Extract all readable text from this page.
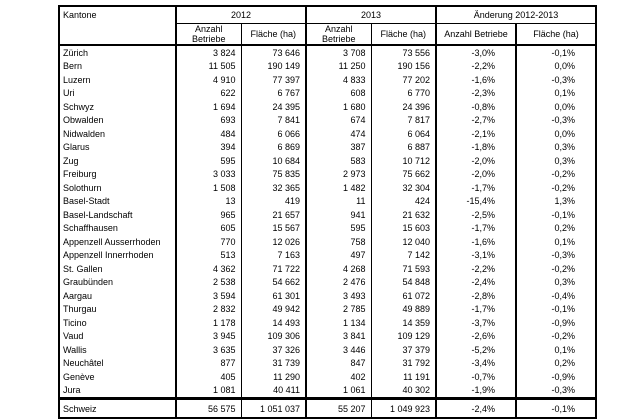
Kantone	2012		2013		Änderung 2012-2013	
	Anzahl Betriebe	Fläche (ha)	Anzahl Betriebe	Fläche (ha)	Anzahl Betriebe	Fläche (ha)
Zürich	3 824	73 646	3 708	73 556	-3,0%	-0,1%
Bern	11 505	190 149	11 250	190 156	-2,2%	0,0%
Luzern	4 910	77 397	4 833	77 202	-1,6%	-0,3%
Uri	622	6 767	608	6 770	-2,3%	0,1%
Schwyz	1 694	24 395	1 680	24 396	-0,8%	0,0%
Obwalden	693	7 841	674	7 817	-2,7%	-0,3%
Nidwalden	484	6 066	474	6 064	-2,1%	0,0%
Glarus	394	6 869	387	6 887	-1,8%	0,3%
Zug	595	10 684	583	10 712	-2,0%	0,3%
Freiburg	3 033	75 835	2 973	75 662	-2,0%	-0,2%
Solothurn	1 508	32 365	1 482	32 304	-1,7%	-0,2%
Basel-Stadt	13	419	11	424	-15,4%	1,3%
Basel-Landschaft	965	21 657	941	21 632	-2,5%	-0,1%
Schaffhausen	605	15 567	595	15 603	-1,7%	0,2%
Appenzell Ausserrhoden	770	12 026	758	12 040	-1,6%	0,1%
Appenzell Innerrhoden	513	7 163	497	7 142	-3,1%	-0,3%
St. Gallen	4 362	71 722	4 268	71 593	-2,2%	-0,2%
Graubünden	2 538	54 662	2 476	54 848	-2,4%	0,3%
Aargau	3 594	61 301	3 493	61 072	-2,8%	-0,4%
Thurgau	2 832	49 942	2 785	49 889	-1,7%	-0,1%
Ticino	1 178	14 493	1 134	14 359	-3,7%	-0,9%
Vaud	3 945	109 306	3 841	109 129	-2,6%	-0,2%
Wallis	3 635	37 326	3 446	37 379	-5,2%	0,1%
Neuchâtel	877	31 739	847	31 792	-3,4%	0,2%
Genève	405	11 290	402	11 191	-0,7%	-0,9%
Jura	1 081	40 411	1 061	40 302	-1,9%	-0,3%
Schweiz	56 575	1 051 037	55 207	1 049 923	-2,4%	-0,1%
